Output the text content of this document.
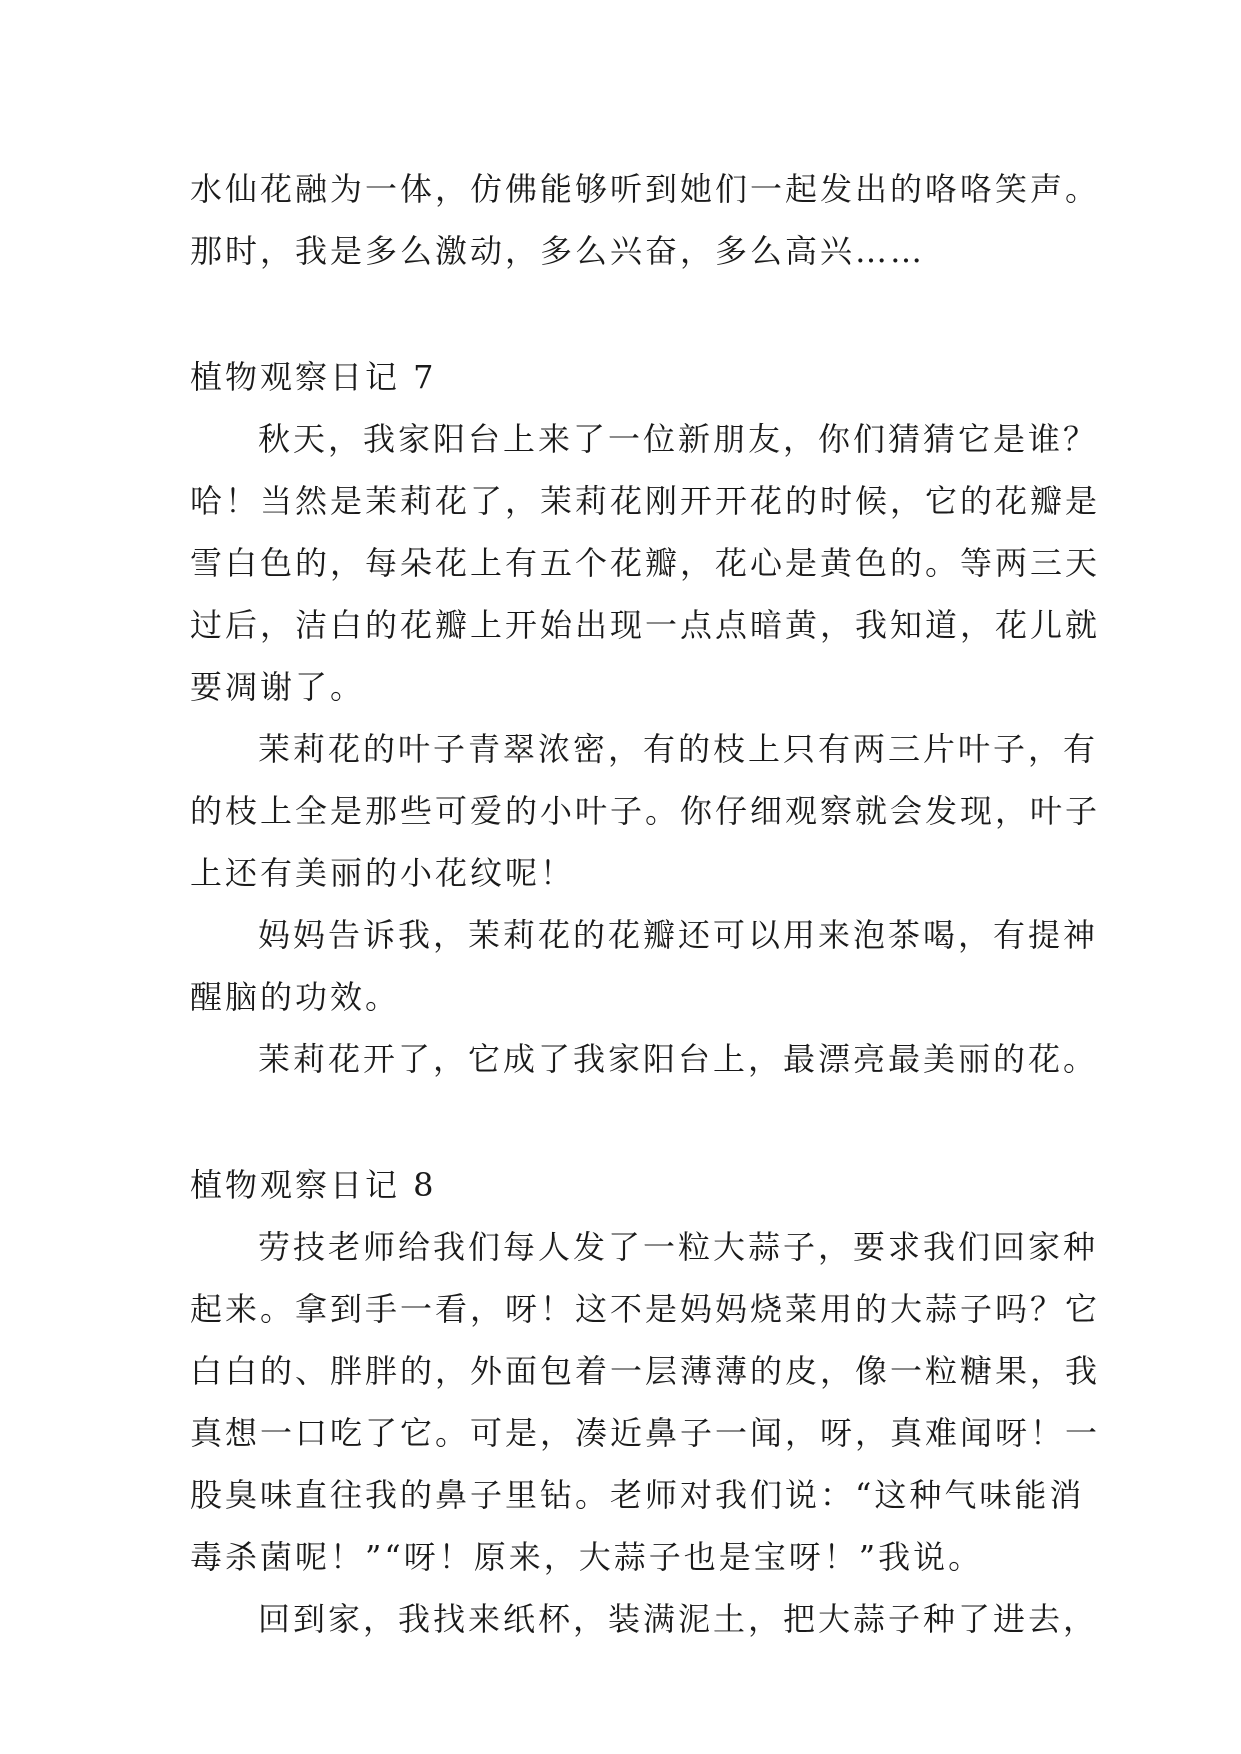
水仙花融为一体，仿佛能够听到她们一起发出的咯咯笑声。
那时，我是多么激动，多么兴奋，多么高兴……
植物观察日记 7
秋天，我家阳台上来了一位新朋友，你们猜猜它是谁？
哈！当然是茉莉花了，茉莉花刚开开花的时候，它的花瓣是
雪白色的，每朵花上有五个花瓣，花心是黄色的。等两三天
过后，洁白的花瓣上开始出现一点点暗黄，我知道，花儿就
要凋谢了。
茉莉花的叶子青翠浓密，有的枝上只有两三片叶子，有
的枝上全是那些可爱的小叶子。你仔细观察就会发现，叶子
上还有美丽的小花纹呢！
妈妈告诉我，茉莉花的花瓣还可以用来泡茶喝，有提神
醒脑的功效。
茉莉花开了，它成了我家阳台上，最漂亮最美丽的花。
植物观察日记 8
劳技老师给我们每人发了一粒大蒜子，要求我们回家种
起来。拿到手一看，呀！这不是妈妈烧菜用的大蒜子吗？它
白白的、胖胖的，外面包着一层薄薄的皮，像一粒糖果，我
真想一口吃了它。可是，凑近鼻子一闻，呀，真难闻呀！一
股臭味直往我的鼻子里钻。老师对我们说：“这种气味能消
毒杀菌呢！”“呀！原来，大蒜子也是宝呀！”我说。
回到家，我找来纸杯，装满泥土，把大蒜子种了进去，
